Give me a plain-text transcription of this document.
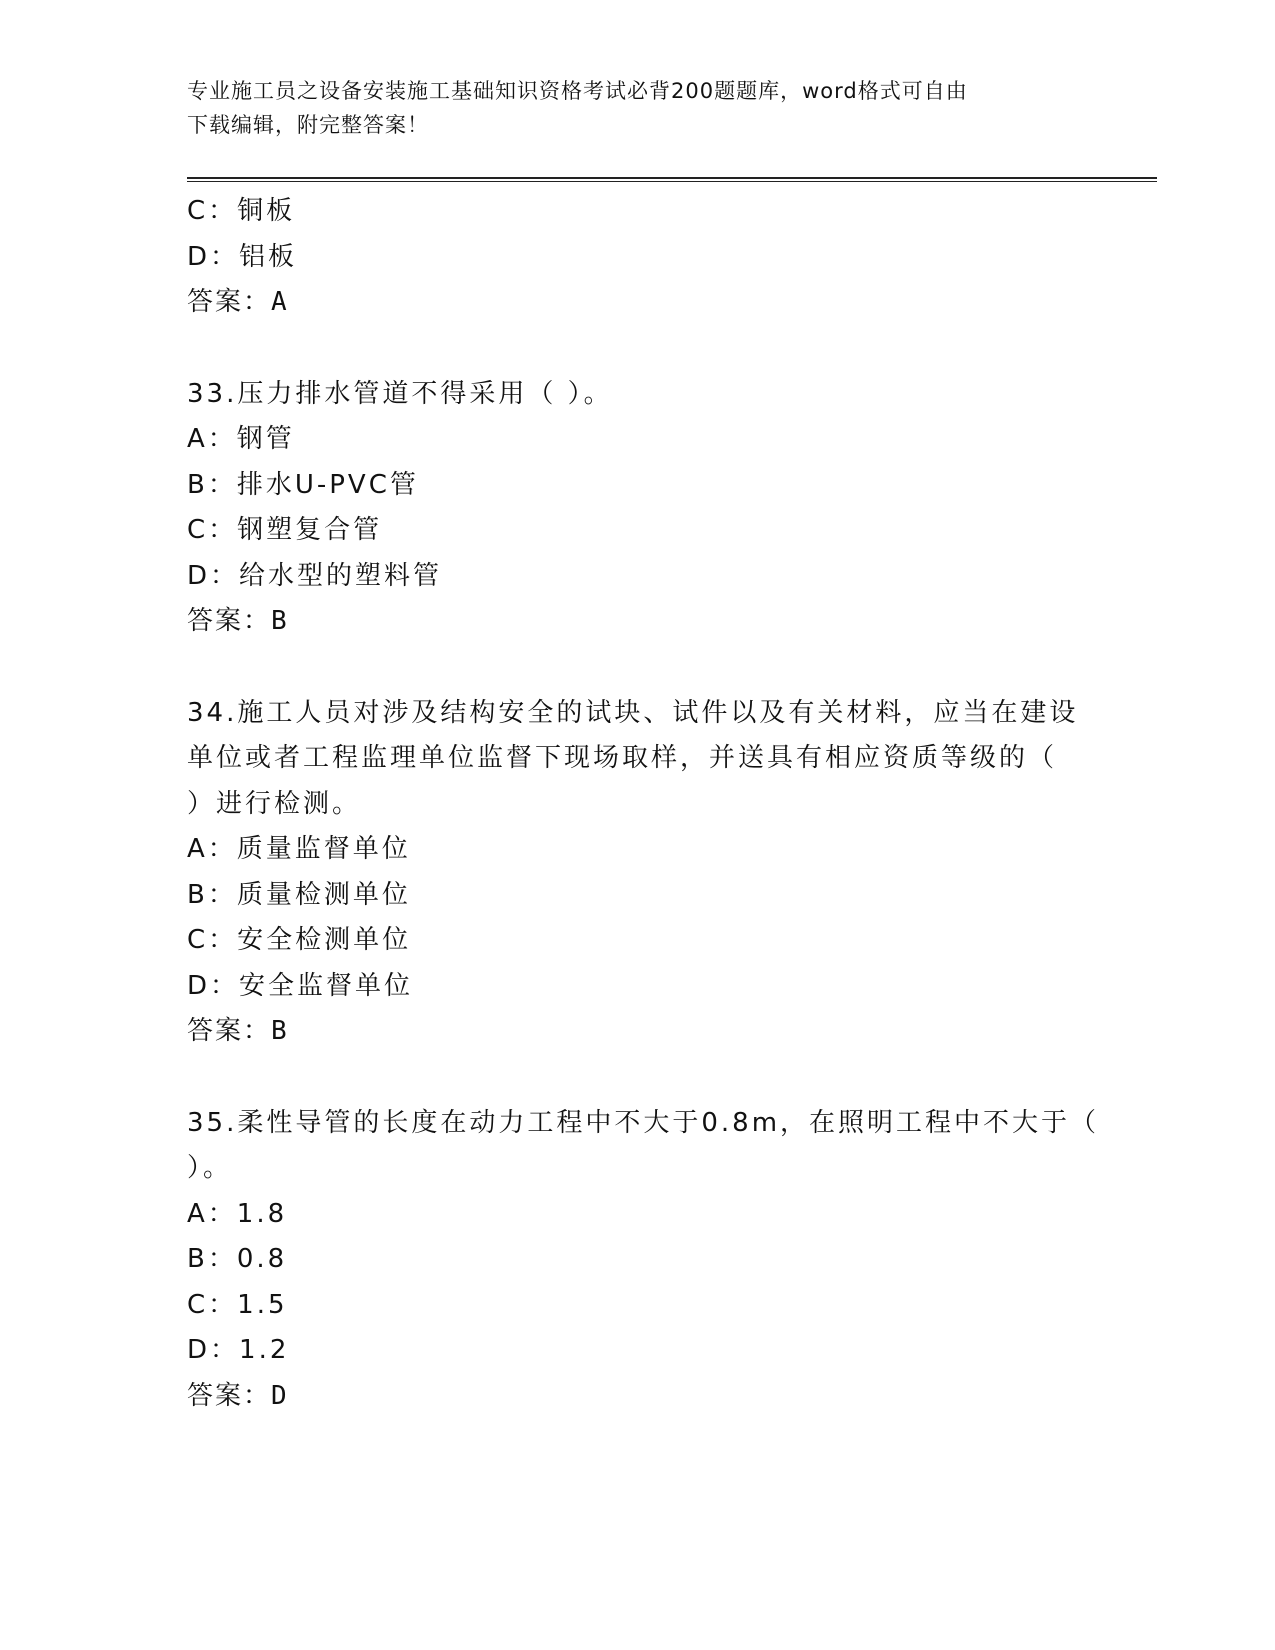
专业施工员之设备安装施工基础知识资格考试必背200题题库，word格式可自由
下载编辑，附完整答案！
C：铜板
D：铝板
答案：A
33.压力排水管道不得采用（ ）。
A：钢管
B：排水U-PVC管
C：钢塑复合管
D：给水型的塑料管
答案：B
34.施工人员对涉及结构安全的试块、试件以及有关材料，应当在建设
单位或者工程监理单位监督下现场取样，并送具有相应资质等级的（
）进行检测。
A：质量监督单位
B：质量检测单位
C：安全检测单位
D：安全监督单位
答案：B
35.柔性导管的长度在动力工程中不大于0.8m，在照明工程中不大于（
）。
A：1.8
B：0.8
C：1.5
D：1.2
答案：D
